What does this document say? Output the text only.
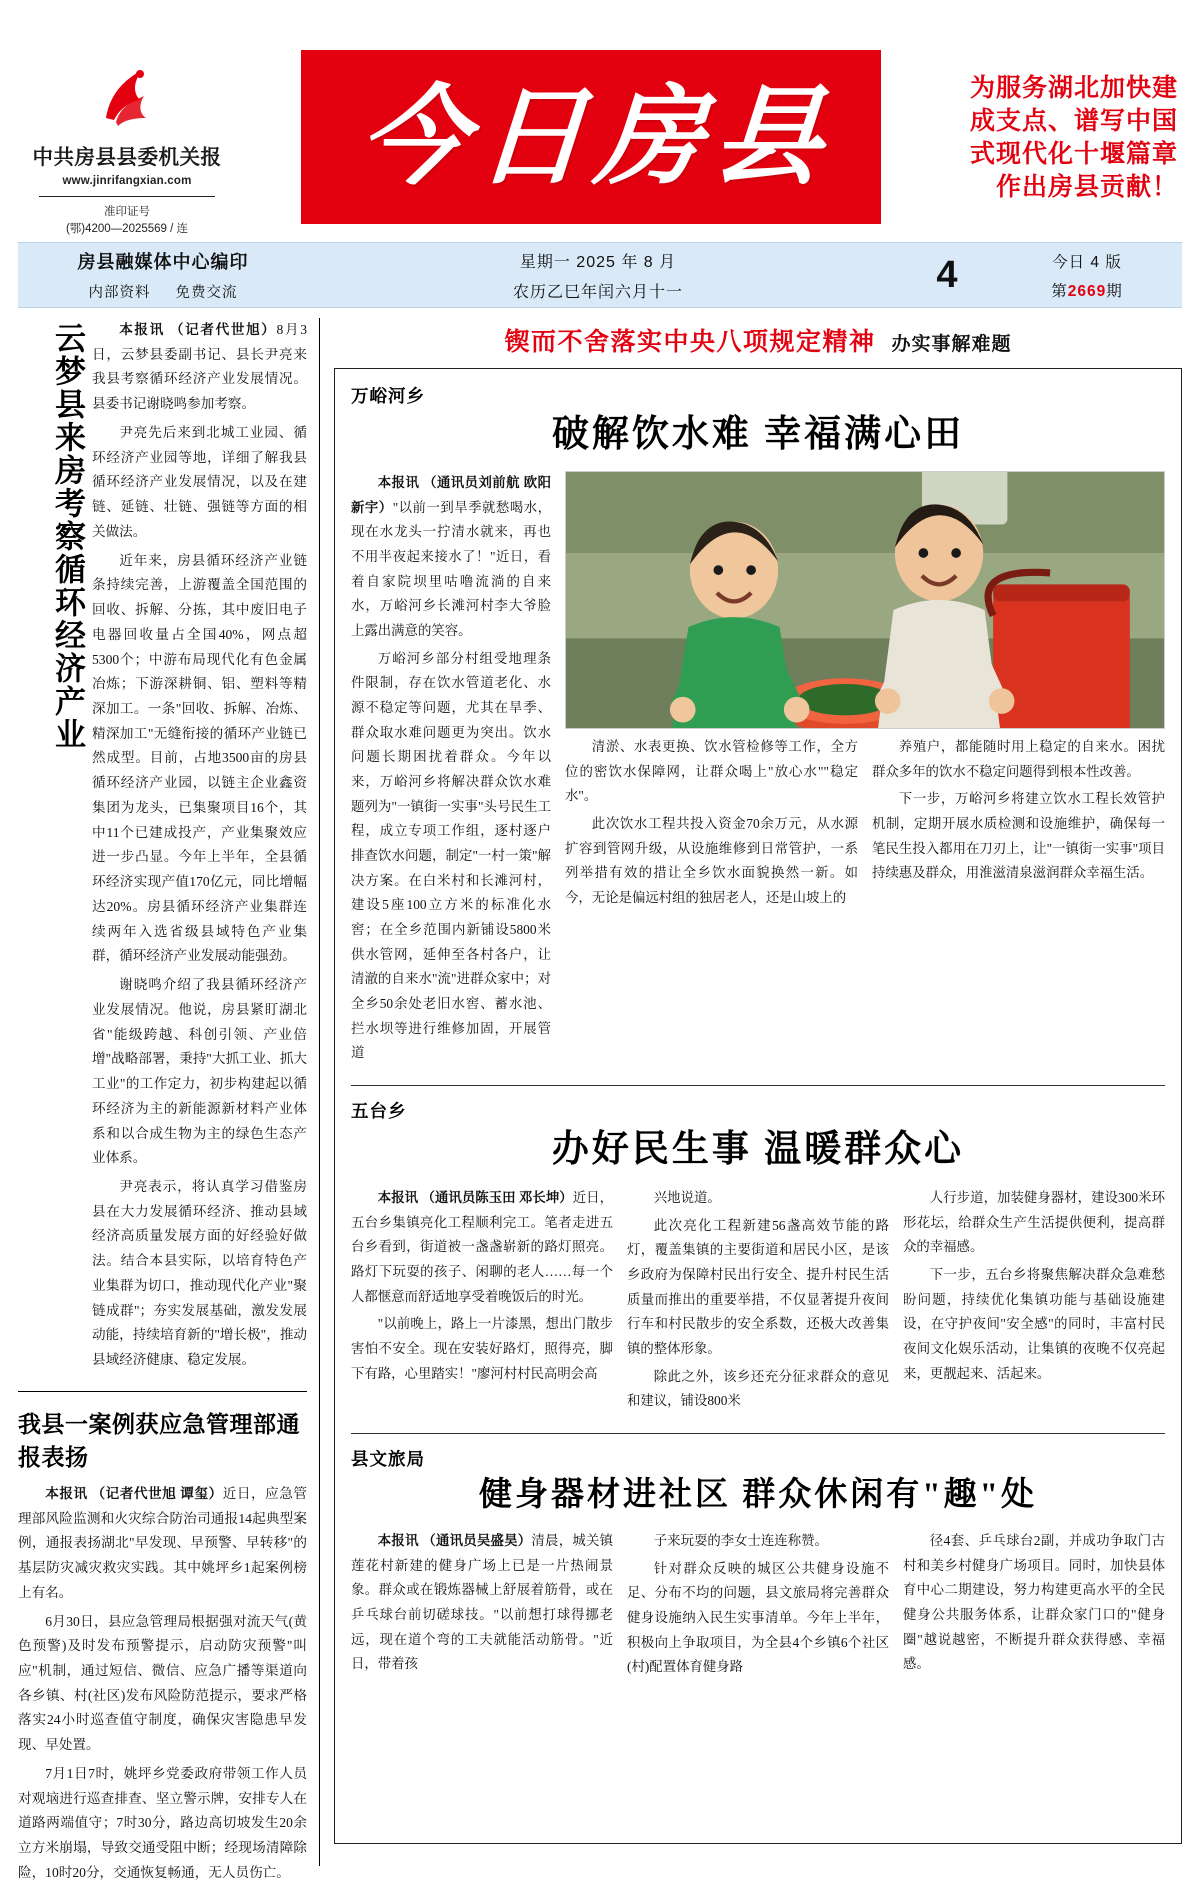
中共房县县委机关报
www.jinrifangxian.com
准印证号
(鄂)4200—2025569 / 连
今日房县	为服务湖北加快建成支点、谱写中国式现代化十堰篇章作出房县贡献！
房县融媒体中心编印
内部资料 免费交流
星期一 2025 年 8 月
农历乙巳年闰六月十一	4	今日 4 版
第2669期
云梦县来房考察循环经济产业	本报讯 （记者代世旭）8月3日，云梦县委副书记、县长尹亮来我县考察循环经济产业发展情况。县委书记谢晓鸣参加考察。

尹亮先后来到北城工业园、循环经济产业园等地，详细了解我县循环经济产业发展情况，以及在建链、延链、壮链、强链等方面的相关做法。

近年来，房县循环经济产业链条持续完善，上游覆盖全国范围的回收、拆解、分拣，其中废旧电子电器回收量占全国40%，网点超5300个；中游布局现代化有色金属冶炼；下游深耕铜、铝、塑料等精深加工。一条"回收、拆解、冶炼、精深加工"无缝衔接的循环产业链已然成型。目前，占地3500亩的房县循环经济产业园，以链主企业鑫资集团为龙头，已集聚项目16个，其中11个已建成投产，产业集聚效应进一步凸显。今年上半年，全县循环经济实现产值170亿元，同比增幅达20%。房县循环经济产业集群连续两年入选省级县域特色产业集群，循环经济产业发展动能强劲。

谢晓鸣介绍了我县循环经济产业发展情况。他说，房县紧盯湖北省"能级跨越、科创引领、产业倍增"战略部署，秉持"大抓工业、抓大工业"的工作定力，初步构建起以循环经济为主的新能源新材料产业体系和以合成生物为主的绿色生态产业体系。

尹亮表示，将认真学习借鉴房县在大力发展循环经济、推动县域经济高质量发展方面的好经验好做法。结合本县实际，以培育特色产业集群为切口，推动现代化产业"聚链成群"；夯实发展基础，激发发展动能，持续培育新的"增长极"，推动县域经济健康、稳定发展。

我县一案例获应急管理部通报表扬

本报讯 （记者代世旭 谭玺）近日，应急管理部风险监测和火灾综合防治司通报14起典型案例，通报表扬湖北"早发现、早预警、早转移"的基层防灾减灾救灾实践。其中姚坪乡1起案例榜上有名。

6月30日，县应急管理局根据强对流天气(黄色预警)及时发布预警提示，启动防灾预警"叫应"机制，通过短信、微信、应急广播等渠道向各乡镇、村(社区)发布风险防范提示，要求严格落实24小时巡查值守制度，确保灾害隐患早发现、早处置。

7月1日7时，姚坪乡党委政府带领工作人员对观垴进行巡查排查、坚立警示牌，安排专人在道路两端值守；7时30分，路边高切坡发生20余立方米崩塌，导致交通受阻中断；经现场清障除险，10时20分，交通恢复畅通，无人员伤亡。

锲而不舍落实中央八项规定精神 办实事解难题
万峪河乡
破解饮水难 幸福满心田

本报讯 （通讯员刘前航 欧阳新宇）"以前一到旱季就愁喝水，现在水龙头一拧清水就来，再也不用半夜起来接水了！"近日，看着自家院坝里咕噜流淌的自来水，万峪河乡长滩河村李大爷脸上露出满意的笑容。

万峪河乡部分村组受地理条件限制，存在饮水管道老化、水源不稳定等问题，尤其在旱季、群众取水难问题更为突出。饮水问题长期困扰着群众。今年以来，万峪河乡将解决群众饮水难题列为"一镇街一实事"头号民生工程，成立专项工作组，逐村逐户排查饮水问题，制定"一村一策"解决方案。在白米村和长滩河村，建设5座100立方米的标准化水窖；在全乡范围内新铺设5800米供水管网，延伸至各村各户，让清澈的自来水"流"进群众家中；对全乡50余处老旧水窖、蓄水池、拦水坝等进行维修加固，开展管道

清淤、水表更换、饮水管检修等工作，全方位的密饮水保障网，让群众喝上"放心水""稳定水"。

此次饮水工程共投入资金70余万元，从水源扩容到管网升级，从设施维修到日常管护，一系列举措有效的措让全乡饮水面貌换然一新。如今，无论是偏远村组的独居老人，还是山坡上的

养殖户，都能随时用上稳定的自来水。困扰群众多年的饮水不稳定问题得到根本性改善。

下一步，万峪河乡将建立饮水工程长效管护机制，定期开展水质检测和设施维护，确保每一笔民生投入都用在刀刃上，让"一镇街一实事"项目持续惠及群众，用淮滋清泉滋润群众幸福生活。

五台乡
办好民生事 温暖群众心

本报讯 （通讯员陈玉田 邓长坤）近日，五台乡集镇亮化工程顺利完工。笔者走进五台乡看到，街道被一盏盏崭新的路灯照亮。路灯下玩耍的孩子、闲聊的老人……每一个人都惬意而舒适地享受着晚饭后的时光。

"以前晚上，路上一片漆黑，想出门散步害怕不安全。现在安装好路灯，照得亮，脚下有路，心里踏实！"廖河村村民高明会高

兴地说道。

此次亮化工程新建56盏高效节能的路灯，覆盖集镇的主要街道和居民小区，是该乡政府为保障村民出行安全、提升村民生活质量而推出的重要举措，不仅显著提升夜间行车和村民散步的安全系数，还极大改善集镇的整体形象。

除此之外，该乡还充分征求群众的意见和建议，铺设800米

人行步道，加装健身器材，建设300米环形花坛，给群众生产生活提供便利，提高群众的幸福感。

下一步，五台乡将聚焦解决群众急难愁盼问题，持续优化集镇功能与基础设施建设，在守护夜间"安全感"的同时，丰富村民夜间文化娱乐活动，让集镇的夜晚不仅亮起来，更靓起来、活起来。

县文旅局
健身器材进社区 群众休闲有"趣"处

本报讯 （通讯员吴盛昊）清晨，城关镇莲花村新建的健身广场上已是一片热闹景象。群众或在锻炼器械上舒展着筋骨，或在乒乓球台前切磋球技。"以前想打球得挪老远，现在道个弯的工夫就能活动筋骨。"近日，带着孩

子来玩耍的李女士连连称赞。

针对群众反映的城区公共健身设施不足、分布不均的问题，县文旅局将完善群众健身设施纳入民生实事清单。今年上半年，积极向上争取项目，为全县4个乡镇6个社区(村)配置体育健身路

径4套、乒乓球台2副，并成功争取门古村和美乡村健身广场项目。同时，加快县体育中心二期建设，努力构建更高水平的全民健身公共服务体系，让群众家门口的"健身圈"越说越密，不断提升群众获得感、幸福感。
